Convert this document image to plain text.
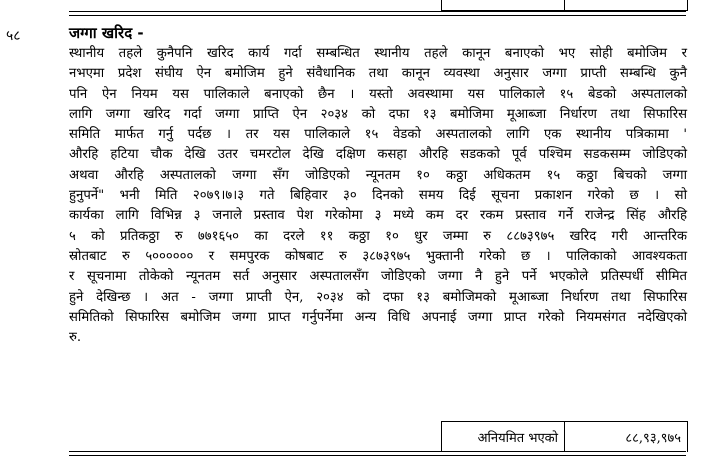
५८	जग्गा खरिद -
स्थानीय तहले कुनैपनि खरिद कार्य गर्दा सम्बन्धित स्थानीय तहले कानून बनाएको भए सोही बमोजिम र
नभएमा प्रदेश संघीय ऐन बमोजिम हुने संवैधानिक तथा कानून व्यवस्था अनुसार जग्गा प्राप्ती सम्बन्धि कुनै
पनि ऐन नियम यस पालिकाले बनाएको छैन । यस्तो अवस्थामा यस पालिकाले १५ बेडको अस्पतालको
लागि जग्गा खरिद गर्दा जग्गा प्राप्ति ऐन २०३४ को दफा १३ बमोजिमा मूआब्जा निर्धारण तथा सिफारिस
समिति मार्फत गर्नु पर्दछ । तर यस पालिकाले १५ वेडको अस्पतालको लागि एक स्थानीय पत्रिकामा '
औरहि हटिया चौक देखि उतर चमरटोल देखि दक्षिण कसहा औरहि सडकको पूर्व पश्चिम सडकसम्म जोडिएको
अथवा औरहि अस्पतालको जग्गा सँग जोडिएको न्यूनतम १० कठ्ठा अधिकतम १५ कठ्ठा बिचको जग्गा
हुनुपर्ने" भनी मिति २०७९।७।३ गते बिहिवार ३० दिनको समय दिई सूचना प्रकाशन गरेको छ । सो
कार्यका लागि विभिन्न ३ जनाले प्रस्ताव पेश गरेकोमा ३ मध्ये कम दर रकम प्रस्ताव गर्ने राजेन्द्र सिंह औरहि
५ को प्रतिकठ्ठा रु ७७१६५० का दरले ११ कठ्ठा १० धुर जम्मा रु ८८७३९७५ खरिद गरी आन्तरिक
स्रोतबाट रु ५०००००० र समपुरक कोषबाट रु ३८७३९७५ भुक्तानी गरेको छ । पालिकाको आवश्यकता
र सूचनामा तोकेको न्यूनतम सर्त अनुसार अस्पतालसँग जोडिएको जग्गा नै हुने पर्ने भएकोले प्रतिस्पर्धी सीमित
हुने देखिन्छ । अत - जग्गा प्राप्ती ऐन, २०३४ को दफा १३ बमोजिमको मूआब्जा निर्धारण तथा सिफारिस
समितिको सिफारिस बमोजिम जग्गा प्राप्त गर्नुपर्नेमा अन्य विधि अपनाई जग्गा प्राप्त गरेको नियमसंगत नदेखिएको
रु.
अनियमित भएको	८८,९३,९७५
